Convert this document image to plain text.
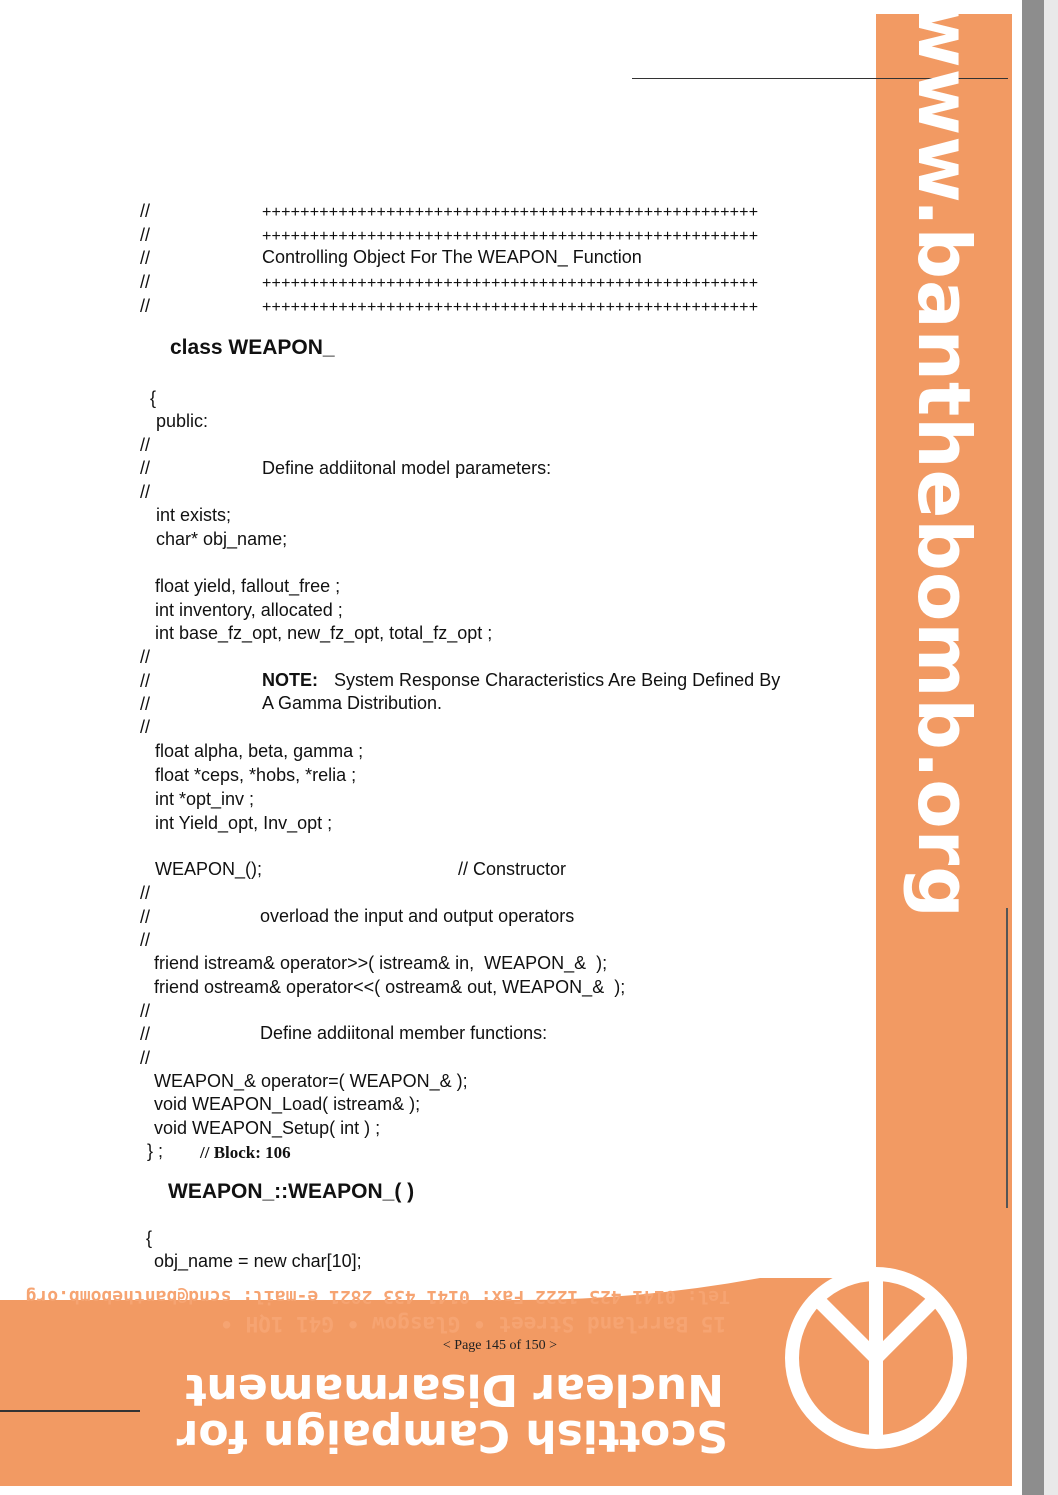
www.banthebomb.org
//	++++++++++++++++++++++++++++++++++++++++++++++++++++
//	++++++++++++++++++++++++++++++++++++++++++++++++++++
//	Controlling Object For The WEAPON_ Function
//	++++++++++++++++++++++++++++++++++++++++++++++++++++
//	++++++++++++++++++++++++++++++++++++++++++++++++++++
class WEAPON_
{
public:
//
//	Define addiitonal model parameters:
//
int exists;
char* obj_name;
float yield, fallout_free ;
int inventory, allocated ;
int base_fz_opt, new_fz_opt, total_fz_opt ;
//
//	NOTE: System Response Characteristics Are Being Defined By
//	A Gamma Distribution.
//
float alpha, beta, gamma ;
float *ceps, *hobs, *relia ;
int *opt_inv ;
int Yield_opt, Inv_opt ;
WEAPON_();	// Constructor
//
//	overload the input and output operators
//
friend istream& operator>>( istream& in,  WEAPON_&  );
friend ostream& operator<<( ostream& out, WEAPON_&  );
//
//	Define addiitonal member functions:
//
WEAPON_& operator=( WEAPON_& );
void WEAPON_Load( istream& );
void WEAPON_Setup( int ) ;
} ; // Block: 106
WEAPON_::WEAPON_( )
{
obj_name = new char[10];
Tel: 0141 423 1222 Fax: 0141 433 2821 e-mail: scnd@banthebomb.org
15 Barrland Street • Glasgow • G41 1QH •
< Page 145 of 150 >
Nuclear Disarmament
Scottish Campaign for
